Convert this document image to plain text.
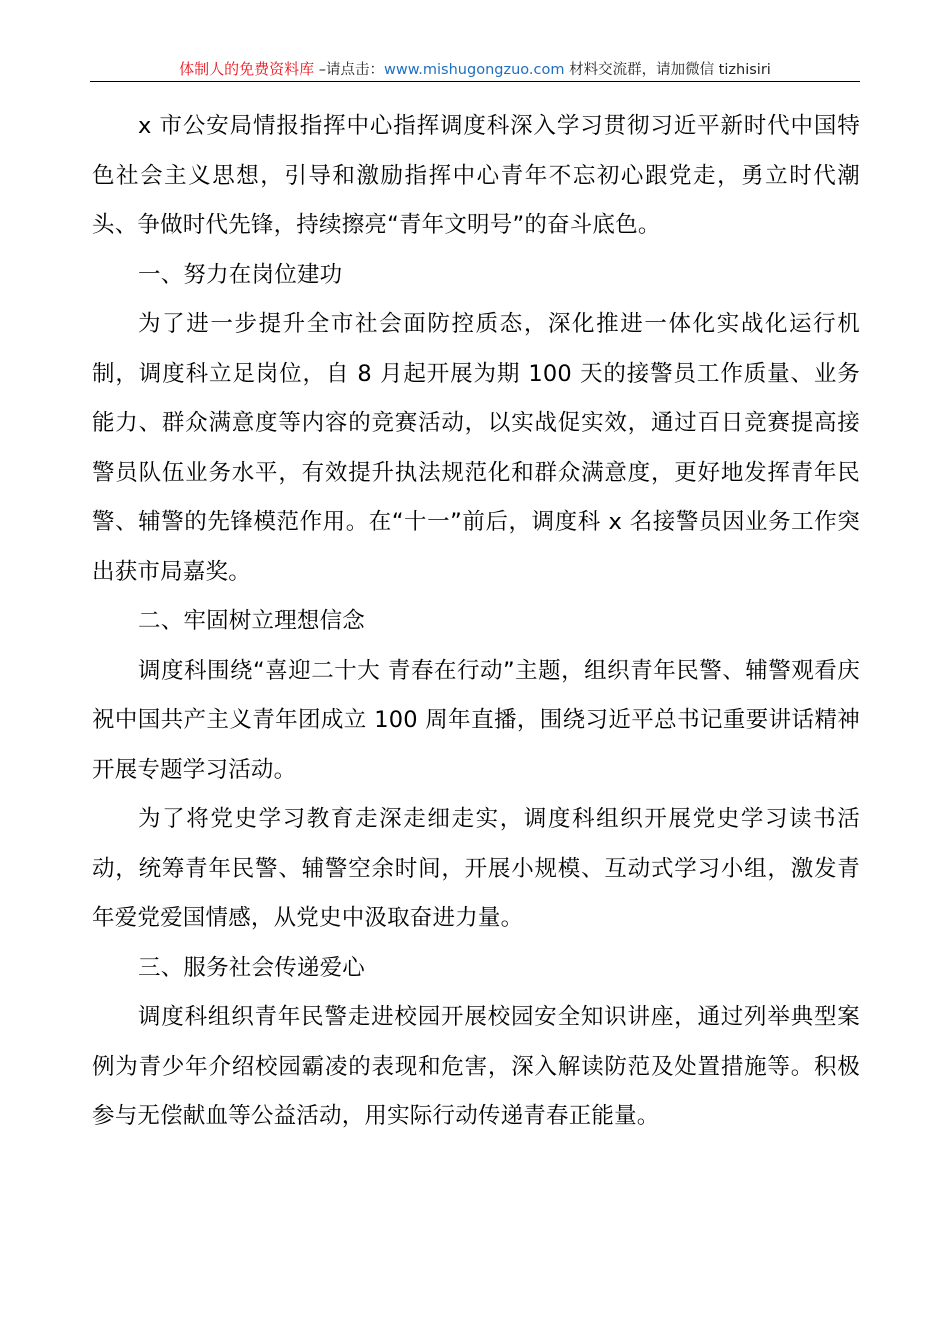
体制人的免费资料库 –请点击：www.mishugongzuo.com 材料交流群，请加微信 tizhisiri

x 市公安局情报指挥中心指挥调度科深入学习贯彻习近平新时代中国特色社会主义思想，引导和激励指挥中心青年不忘初心跟党走，勇立时代潮头、争做时代先锋，持续擦亮“青年文明号”的奋斗底色。

一、努力在岗位建功

为了进一步提升全市社会面防控质态，深化推进一体化实战化运行机制，调度科立足岗位，自 8 月起开展为期 100 天的接警员工作质量、业务能力、群众满意度等内容的竞赛活动，以实战促实效，通过百日竞赛提高接警员队伍业务水平，有效提升执法规范化和群众满意度，更好地发挥青年民警、辅警的先锋模范作用。在“十一”前后，调度科 x 名接警员因业务工作突出获市局嘉奖。

二、牢固树立理想信念

调度科围绕“喜迎二十大 青春在行动”主题，组织青年民警、辅警观看庆祝中国共产主义青年团成立 100 周年直播，围绕习近平总书记重要讲话精神开展专题学习活动。

为了将党史学习教育走深走细走实，调度科组织开展党史学习读书活动，统筹青年民警、辅警空余时间，开展小规模、互动式学习小组，激发青年爱党爱国情感，从党史中汲取奋进力量。

三、服务社会传递爱心

调度科组织青年民警走进校园开展校园安全知识讲座，通过列举典型案例为青少年介绍校园霸凌的表现和危害，深入解读防范及处置措施等。积极参与无偿献血等公益活动，用实际行动传递青春正能量。
